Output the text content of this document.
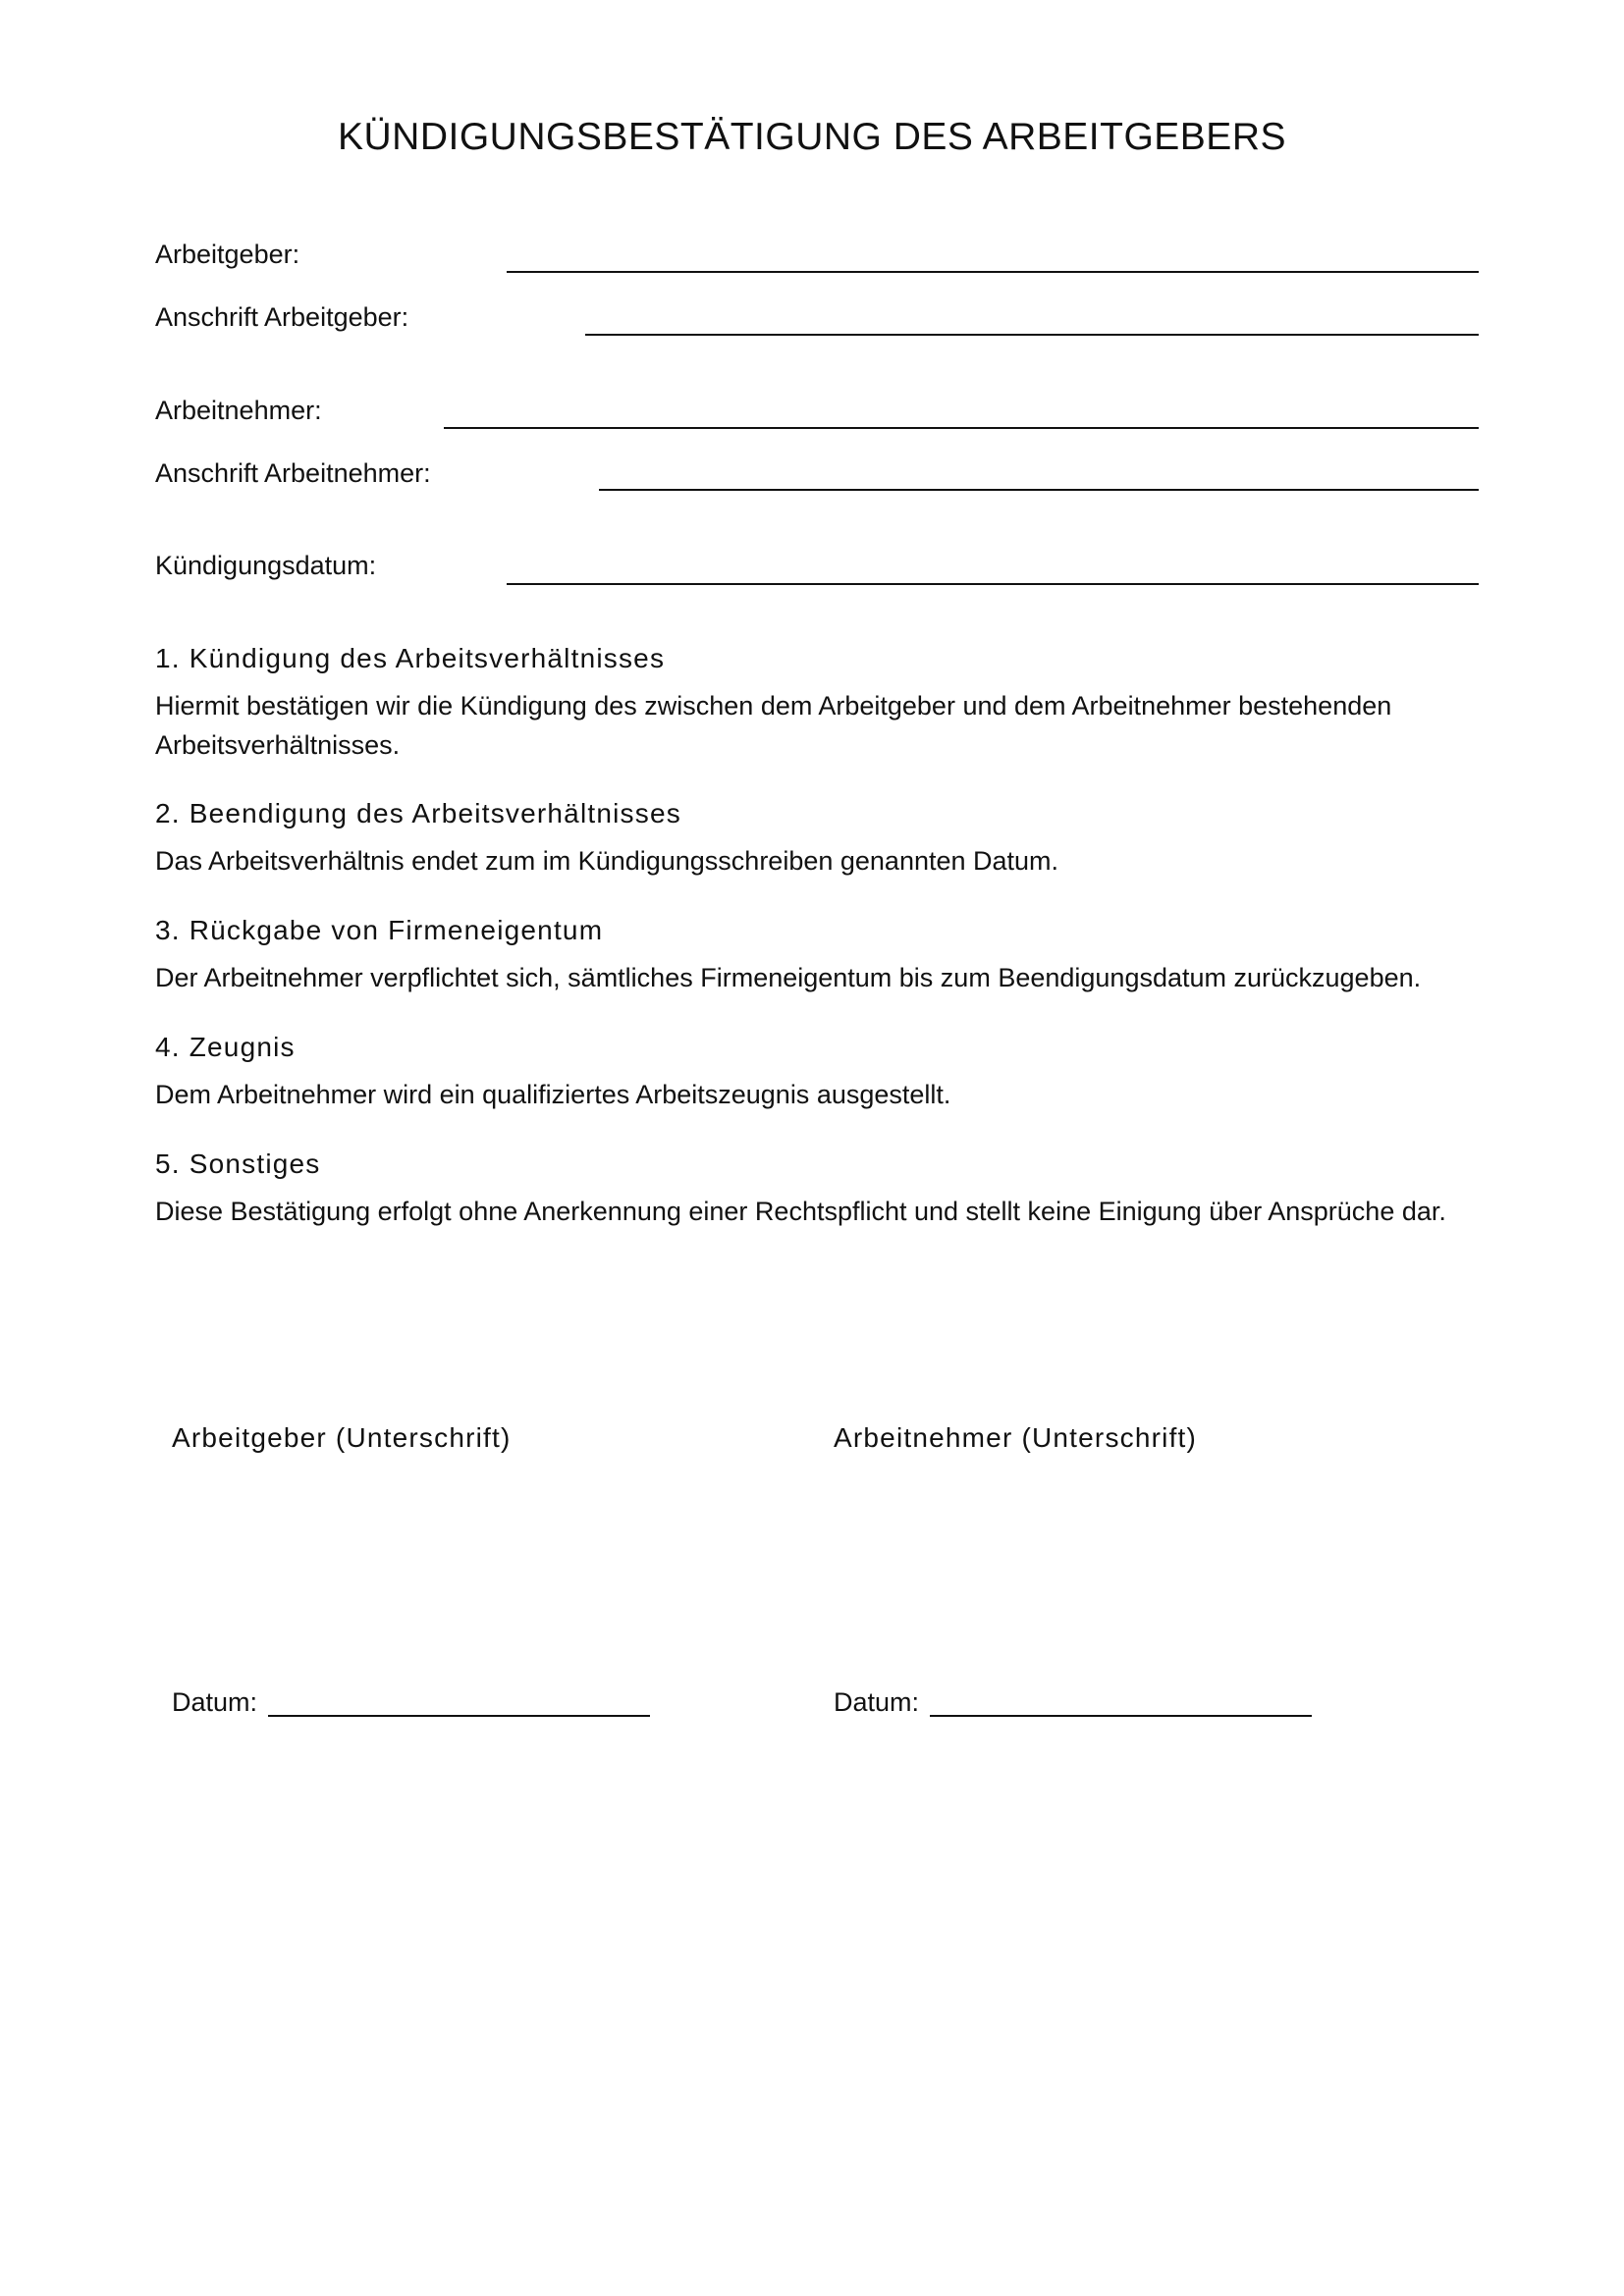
KÜNDIGUNGSBESTÄTIGUNG DES ARBEITGEBERS
Arbeitgeber:
Anschrift Arbeitgeber:
Arbeitnehmer:
Anschrift Arbeitnehmer:
Kündigungsdatum:
1. Kündigung des Arbeitsverhältnisses
Hiermit bestätigen wir die Kündigung des zwischen dem Arbeitgeber und dem Arbeitnehmer bestehenden Arbeitsverhältnisses.
2. Beendigung des Arbeitsverhältnisses
Das Arbeitsverhältnis endet zum im Kündigungsschreiben genannten Datum.
3. Rückgabe von Firmeneigentum
Der Arbeitnehmer verpflichtet sich, sämtliches Firmeneigentum bis zum Beendigungsdatum zurückzugeben.
4. Zeugnis
Dem Arbeitnehmer wird ein qualifiziertes Arbeitszeugnis ausgestellt.
5. Sonstiges
Diese Bestätigung erfolgt ohne Anerkennung einer Rechtspflicht und stellt keine Einigung über Ansprüche dar.
Arbeitgeber (Unterschrift)	Arbeitnehmer (Unterschrift)
Datum:	Datum:
